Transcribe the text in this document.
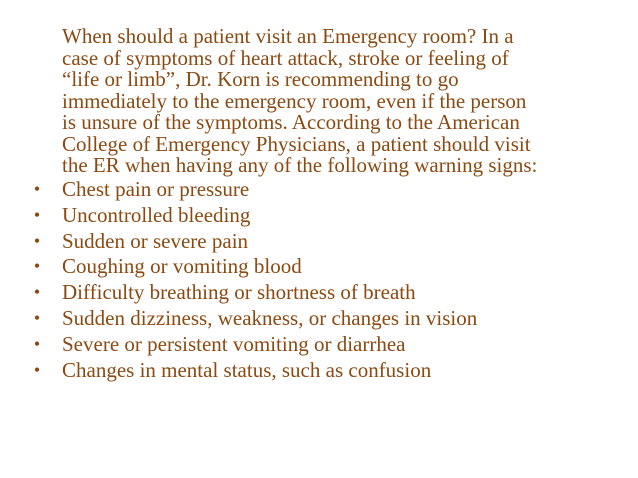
When should a patient visit an Emergency room? In a
case of symptoms of heart attack, stroke or feeling of
“life or limb”, Dr. Korn is recommending to go
immediately to the emergency room, even if the person
is unsure of the symptoms. According to the American
College of Emergency Physicians, a patient should visit
the ER when having any of the following warning signs:

• Chest pain or pressure
• Uncontrolled bleeding
• Sudden or severe pain
• Coughing or vomiting blood
• Difficulty breathing or shortness of breath
• Sudden dizziness, weakness, or changes in vision
• Severe or persistent vomiting or diarrhea
• Changes in mental status, such as confusion
